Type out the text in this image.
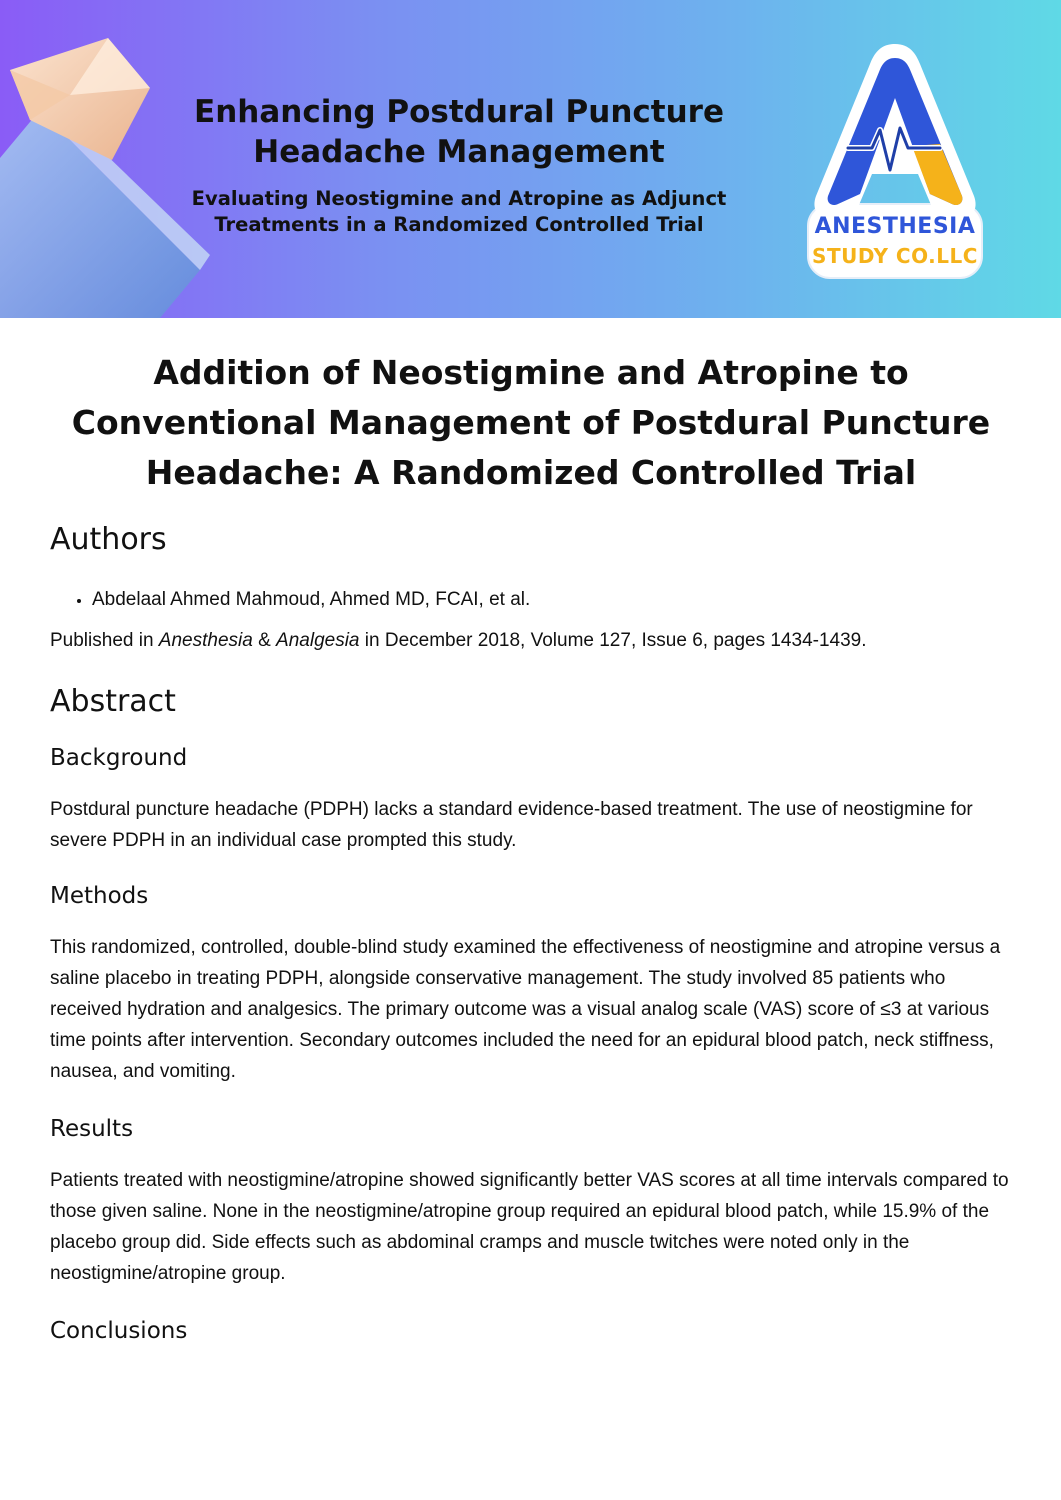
Enhancing Postdural Puncture Headache Management

Evaluating Neostigmine and Atropine as Adjunct Treatments in a Randomized Controlled Trial	ANESTHESIA
STUDY CO.LLC
Addition of Neostigmine and Atropine to Conventional Management of Postdural Puncture Headache: A Randomized Controlled Trial
Authors
• Abdelaal Ahmed Mahmoud, Ahmed MD, FCAI, et al.

Published in Anesthesia & Analgesia in December 2018, Volume 127, Issue 6, pages 1434-1439.

Abstract
Background

Postdural puncture headache (PDPH) lacks a standard evidence-based treatment. The use of neostigmine for severe PDPH in an individual case prompted this study.

Methods

This randomized, controlled, double-blind study examined the effectiveness of neostigmine and atropine versus a saline placebo in treating PDPH, alongside conservative management. The study involved 85 patients who received hydration and analgesics. The primary outcome was a visual analog scale (VAS) score of ≤3 at various time points after intervention. Secondary outcomes included the need for an epidural blood patch, neck stiffness, nausea, and vomiting.

Results

Patients treated with neostigmine/atropine showed significantly better VAS scores at all time intervals compared to those given saline. None in the neostigmine/atropine group required an epidural blood patch, while 15.9% of the placebo group did. Side effects such as abdominal cramps and muscle twitches were noted only in the neostigmine/atropine group.

Conclusions
